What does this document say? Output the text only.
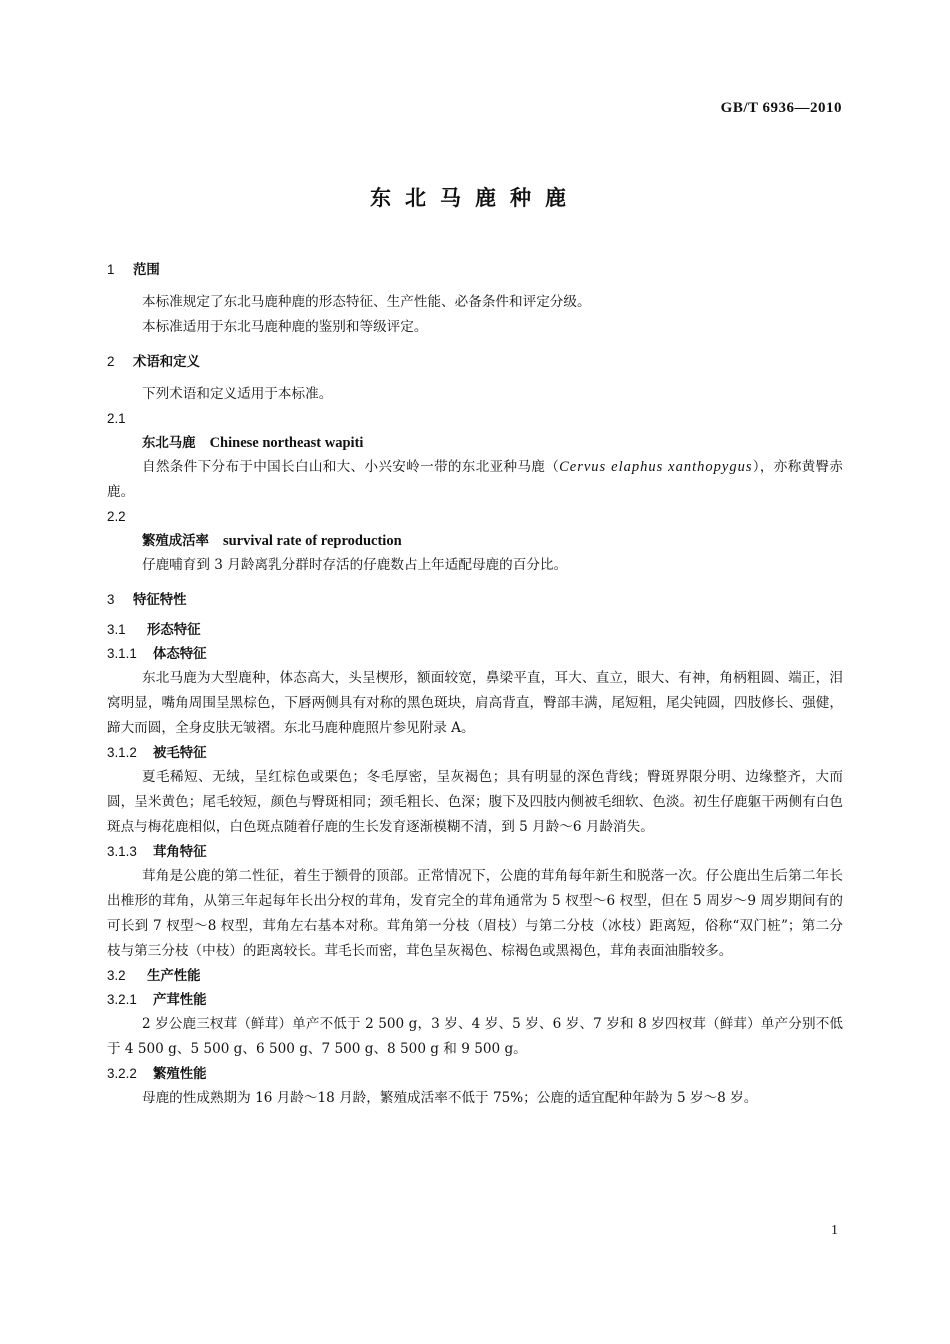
GB/T 6936—2010
东北马鹿种鹿
1 范围
本标准规定了东北马鹿种鹿的形态特征、生产性能、必备条件和评定分级。
本标准适用于东北马鹿种鹿的鉴别和等级评定。
2 术语和定义
下列术语和定义适用于本标准。
2.1
东北马鹿 Chinese northeast wapiti
自然条件下分布于中国长白山和大、小兴安岭一带的东北亚种马鹿（Cervus elaphus xanthopygus），亦称黄臀赤鹿。
2.2
繁殖成活率 survival rate of reproduction
仔鹿哺育到 3 月龄离乳分群时存活的仔鹿数占上年适配母鹿的百分比。
3 特征特性
3.1 形态特征
3.1.1 体态特征
东北马鹿为大型鹿种，体态高大，头呈楔形，额面较宽，鼻梁平直，耳大、直立，眼大、有神，角柄粗圆、端正，泪窝明显，嘴角周围呈黑棕色，下唇两侧具有对称的黑色斑块，肩高背直，臀部丰满，尾短粗，尾尖钝圆，四肢修长、强健，蹄大而圆，全身皮肤无皱褶。东北马鹿种鹿照片参见附录 A。
3.1.2 被毛特征
夏毛稀短、无绒，呈红棕色或栗色；冬毛厚密，呈灰褐色；具有明显的深色背线；臀斑界限分明、边缘整齐，大而圆，呈米黄色；尾毛较短，颜色与臀斑相同；颈毛粗长、色深；腹下及四肢内侧被毛细软、色淡。初生仔鹿躯干两侧有白色斑点与梅花鹿相似，白色斑点随着仔鹿的生长发育逐渐模糊不清，到 5 月龄～6 月龄消失。
3.1.3 茸角特征
茸角是公鹿的第二性征，着生于额骨的顶部。正常情况下，公鹿的茸角每年新生和脱落一次。仔公鹿出生后第二年长出椎形的茸角，从第三年起每年长出分杈的茸角，发育完全的茸角通常为 5 杈型～6 杈型，但在 5 周岁～9 周岁期间有的可长到 7 杈型～8 杈型，茸角左右基本对称。茸角第一分枝（眉枝）与第二分枝（冰枝）距离短，俗称“双门桩”；第二分枝与第三分枝（中枝）的距离较长。茸毛长而密，茸色呈灰褐色、棕褐色或黑褐色，茸角表面油脂较多。
3.2 生产性能
3.2.1 产茸性能
2 岁公鹿三杈茸（鲜茸）单产不低于 2 500 g，3 岁、4 岁、5 岁、6 岁、7 岁和 8 岁四杈茸（鲜茸）单产分别不低于 4 500 g、5 500 g、6 500 g、7 500 g、8 500 g 和 9 500 g。
3.2.2 繁殖性能
母鹿的性成熟期为 16 月龄～18 月龄，繁殖成活率不低于 75%；公鹿的适宜配种年龄为 5 岁～8 岁。
1
